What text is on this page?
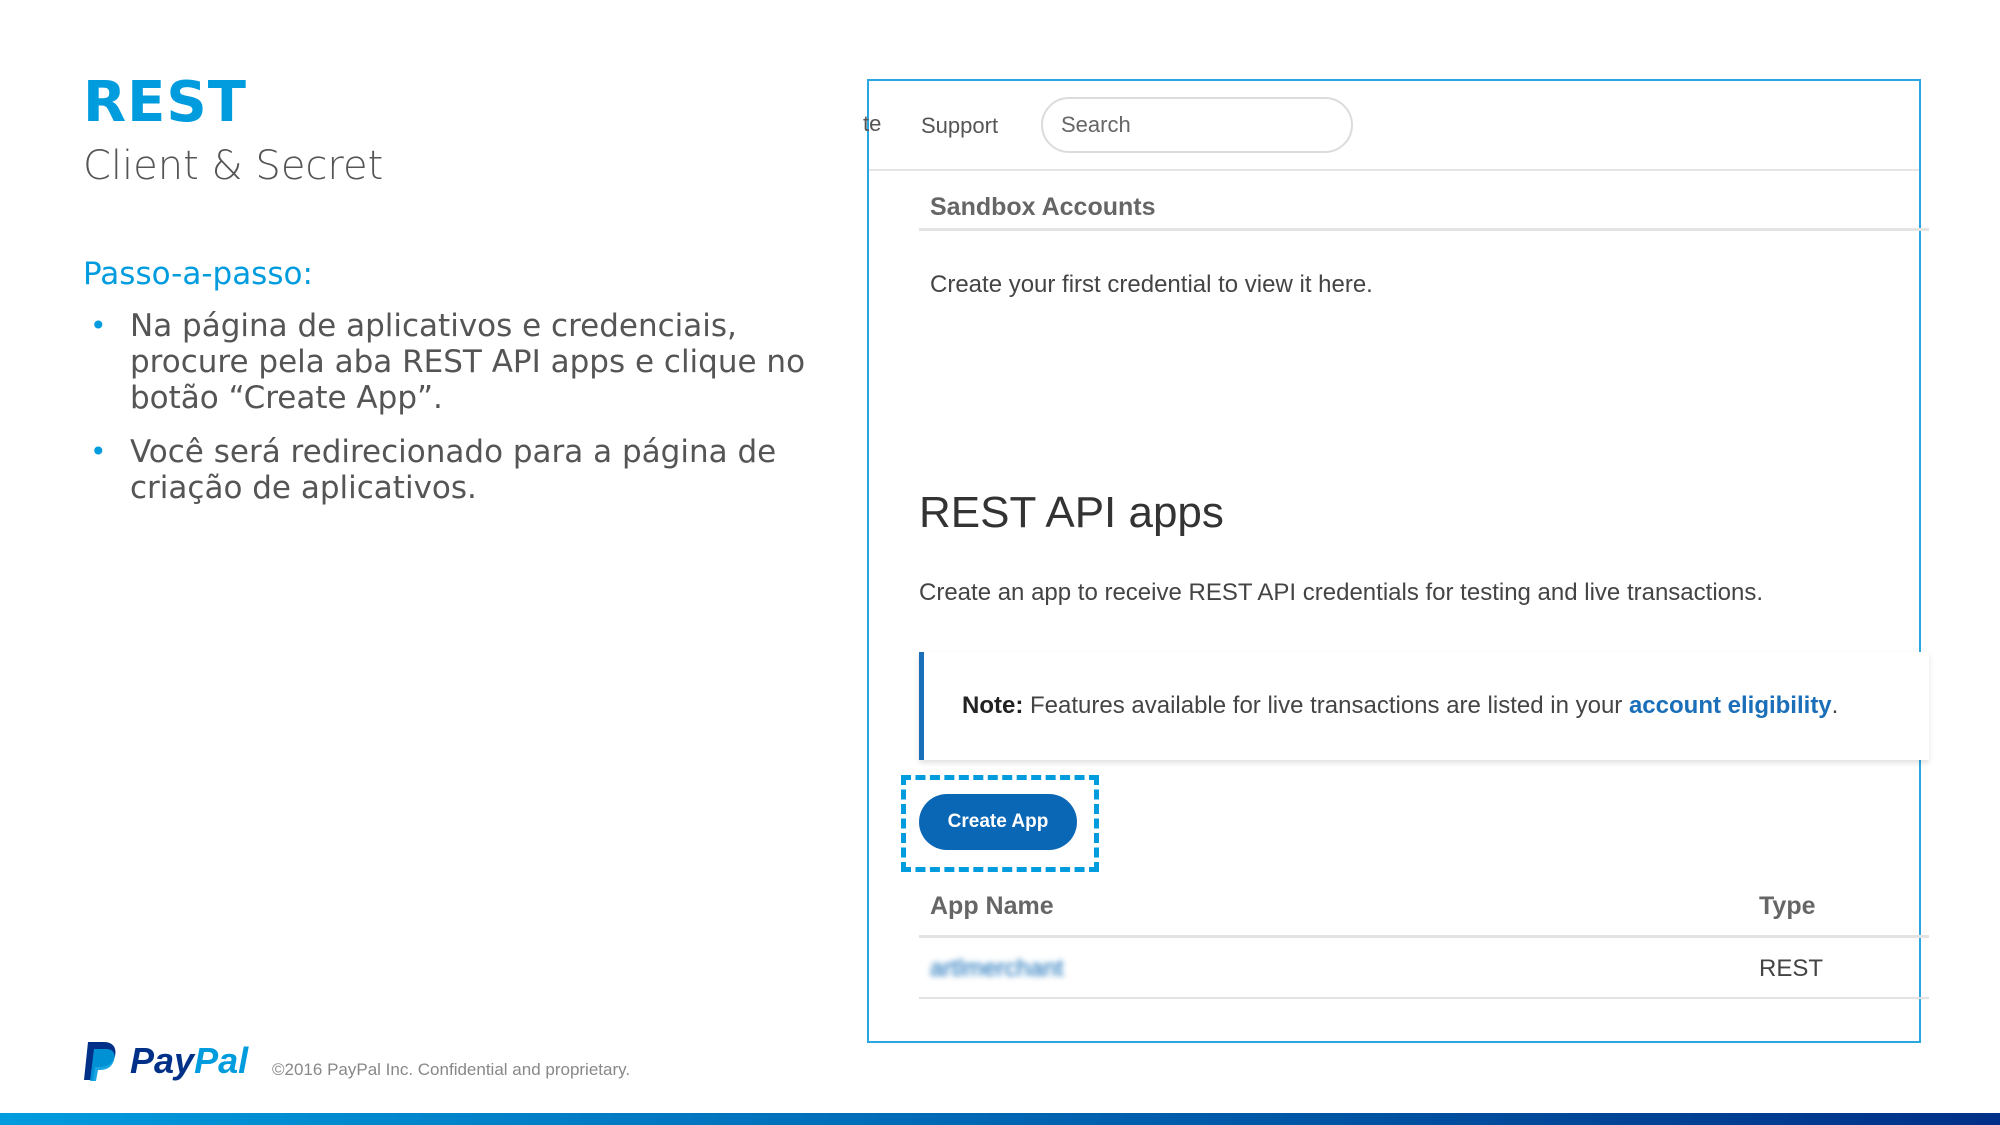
REST
Client & Secret
Passo-a-passo:
• Na página de aplicativos e credenciais, procure pela aba REST API apps e clique no botão “Create App”.
• Você será redirecionado para a página de criação de aplicativos.
te Support
Search
Sandbox Accounts
Create your first credential to view it here.
REST API apps
Create an app to receive REST API credentials for testing and live transactions.
Note: Features available for live transactions are listed in your account eligibility.
Create App
App Name	Type
artlmerchant	REST
PayPal ©2016 PayPal Inc. Confidential and proprietary.
